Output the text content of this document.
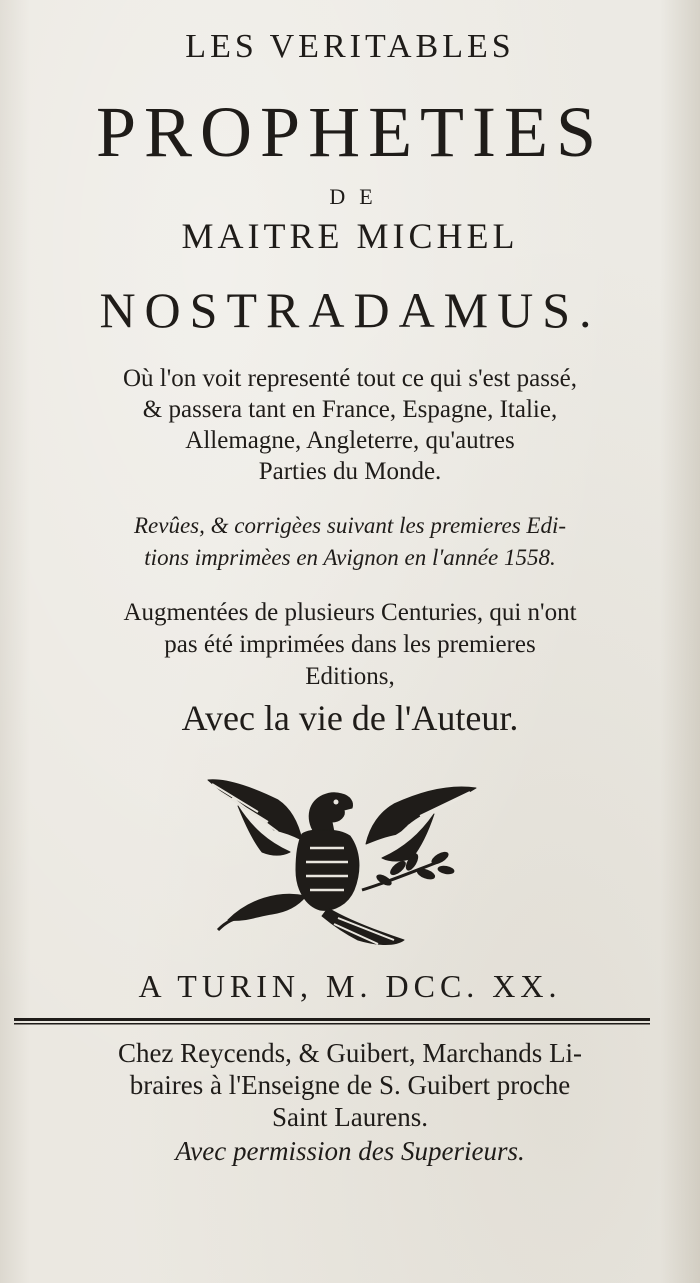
LES VERITABLES
PROPHETIES
DE
MAITRE MICHEL
NOSTRADAMUS.
Où l'on voit representé tout ce qui s'est passé,
& passera tant en France, Espagne, Italie,
Allemagne, Angleterre, qu'autres
Parties du Monde.
Revûes, & corrigèes suivant les premieres Edi-
tions imprimèes en Avignon en l'année 1558.
Augmentées de plusieurs Centuries, qui n'ont
pas été imprimées dans les premieres
Editions,
Avec la vie de l'Auteur.
A TURIN, M. DCC. XX.
Chez Reycends, & Guibert, Marchands Li-
braires à l'Enseigne de S. Guibert proche
Saint Laurens.
Avec permission des Superieurs.
